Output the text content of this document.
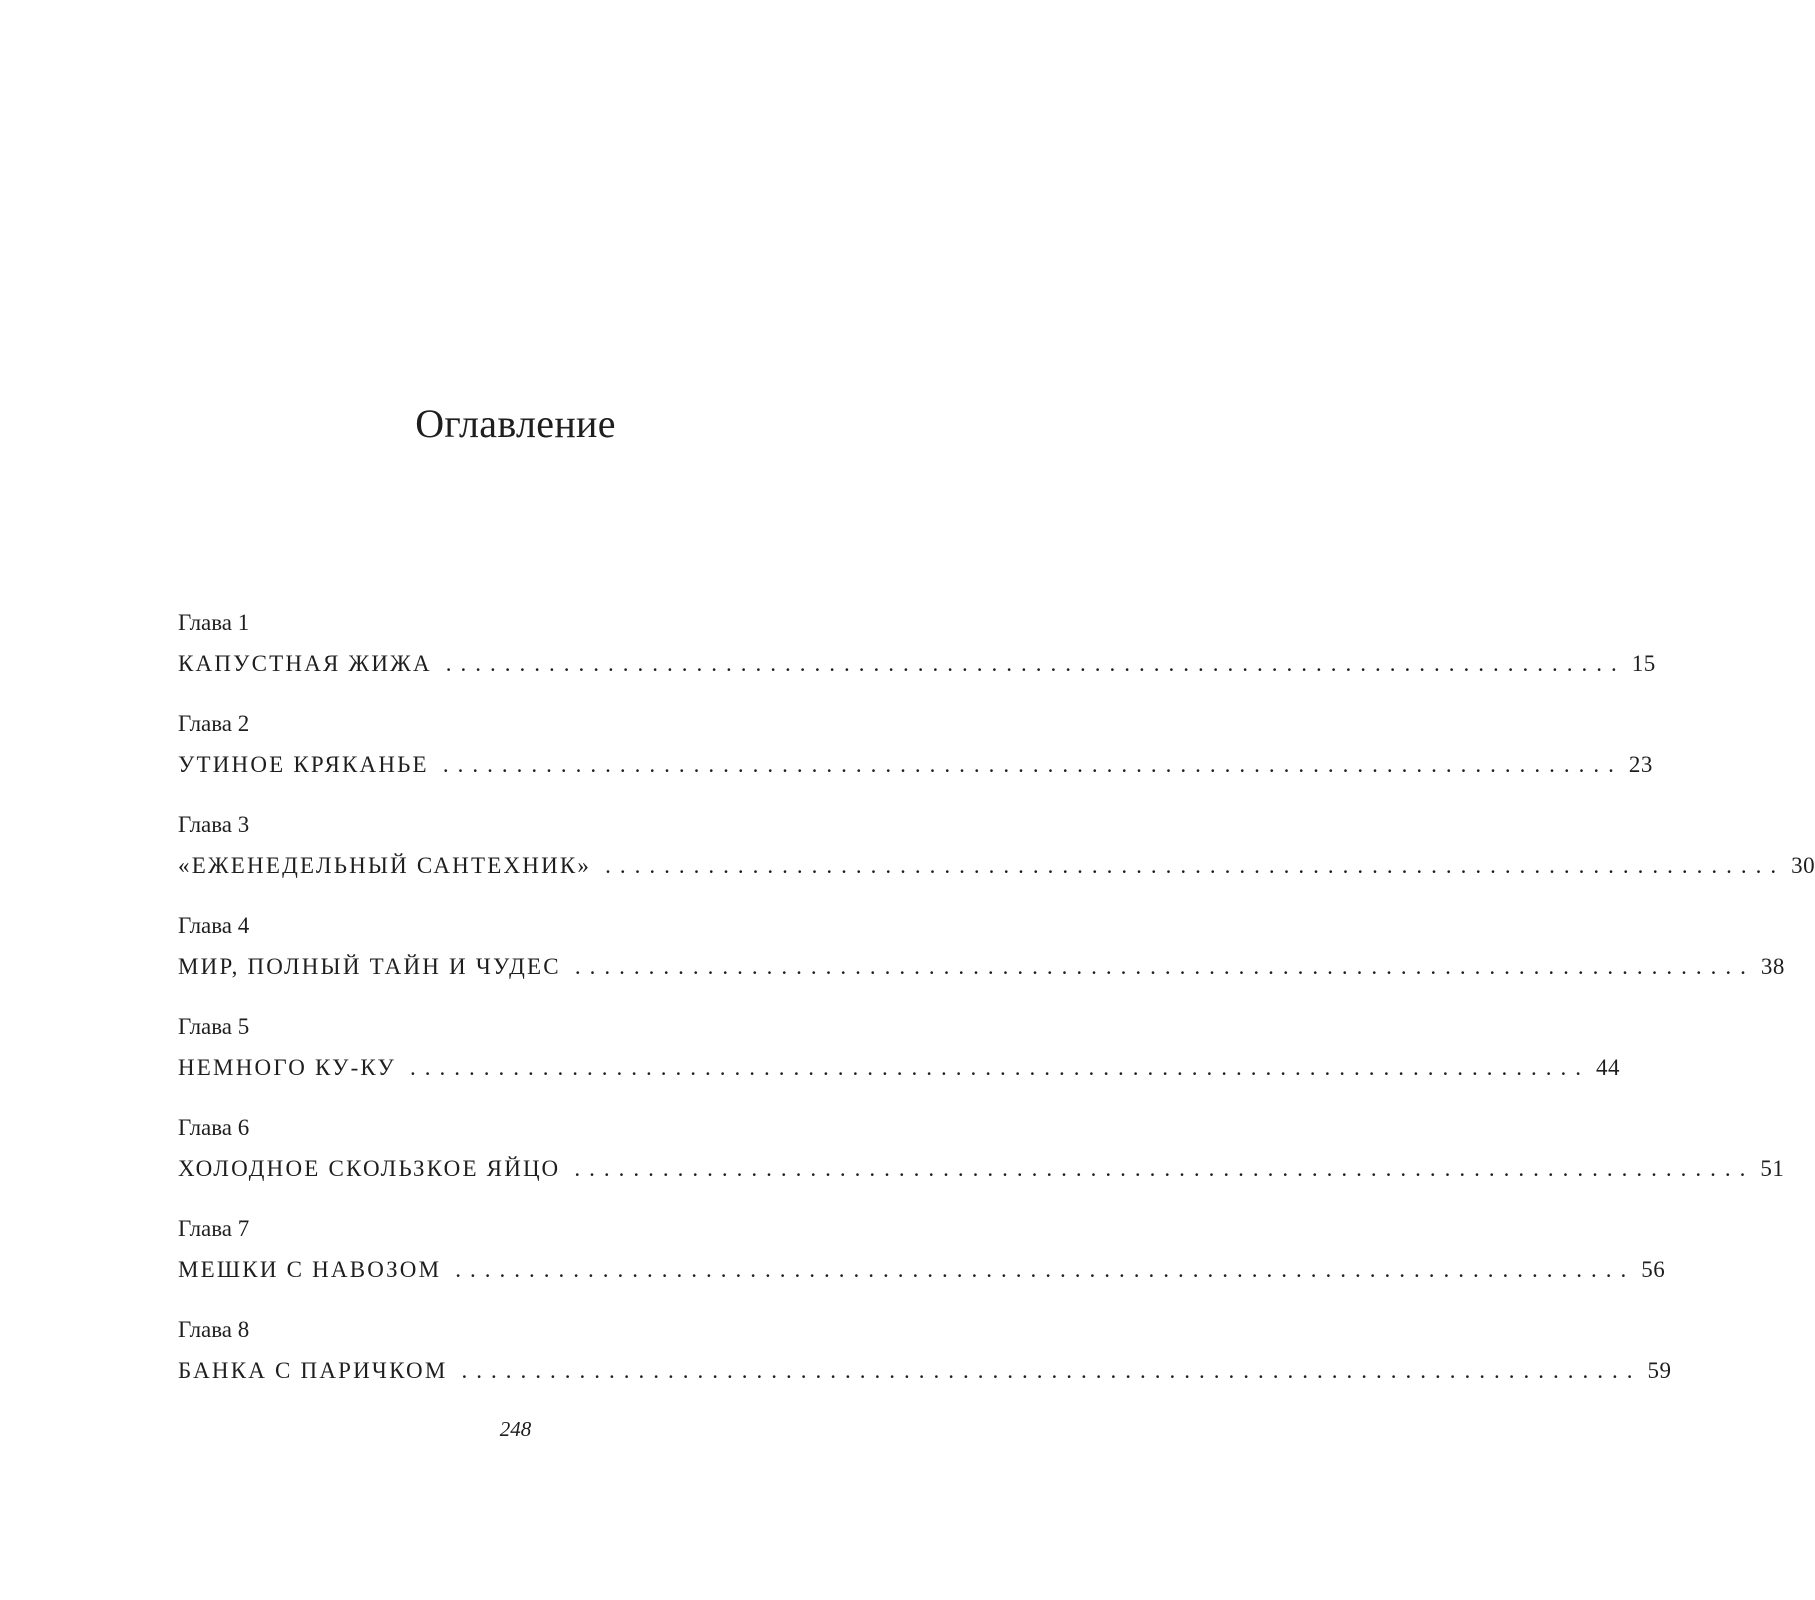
Оглавление
Глава 1
КАПУСТНАЯ ЖИЖА ................................................................................ 15
Глава 2
УТИНОЕ КРЯКАНЬЕ ................................................................................ 23
Глава 3
«ЕЖЕНЕДЕЛЬНЫЙ САНТЕХНИК» ................................................................................ 30
Глава 4
МИР, ПОЛНЫЙ ТАЙН И ЧУДЕС ................................................................................ 38
Глава 5
НЕМНОГО КУ-КУ ................................................................................ 44
Глава 6
ХОЛОДНОЕ СКОЛЬЗКОЕ ЯЙЦО ................................................................................ 51
Глава 7
МЕШКИ С НАВОЗОМ ................................................................................ 56
Глава 8
БАНКА С ПАРИЧКОМ ................................................................................ 59
248
